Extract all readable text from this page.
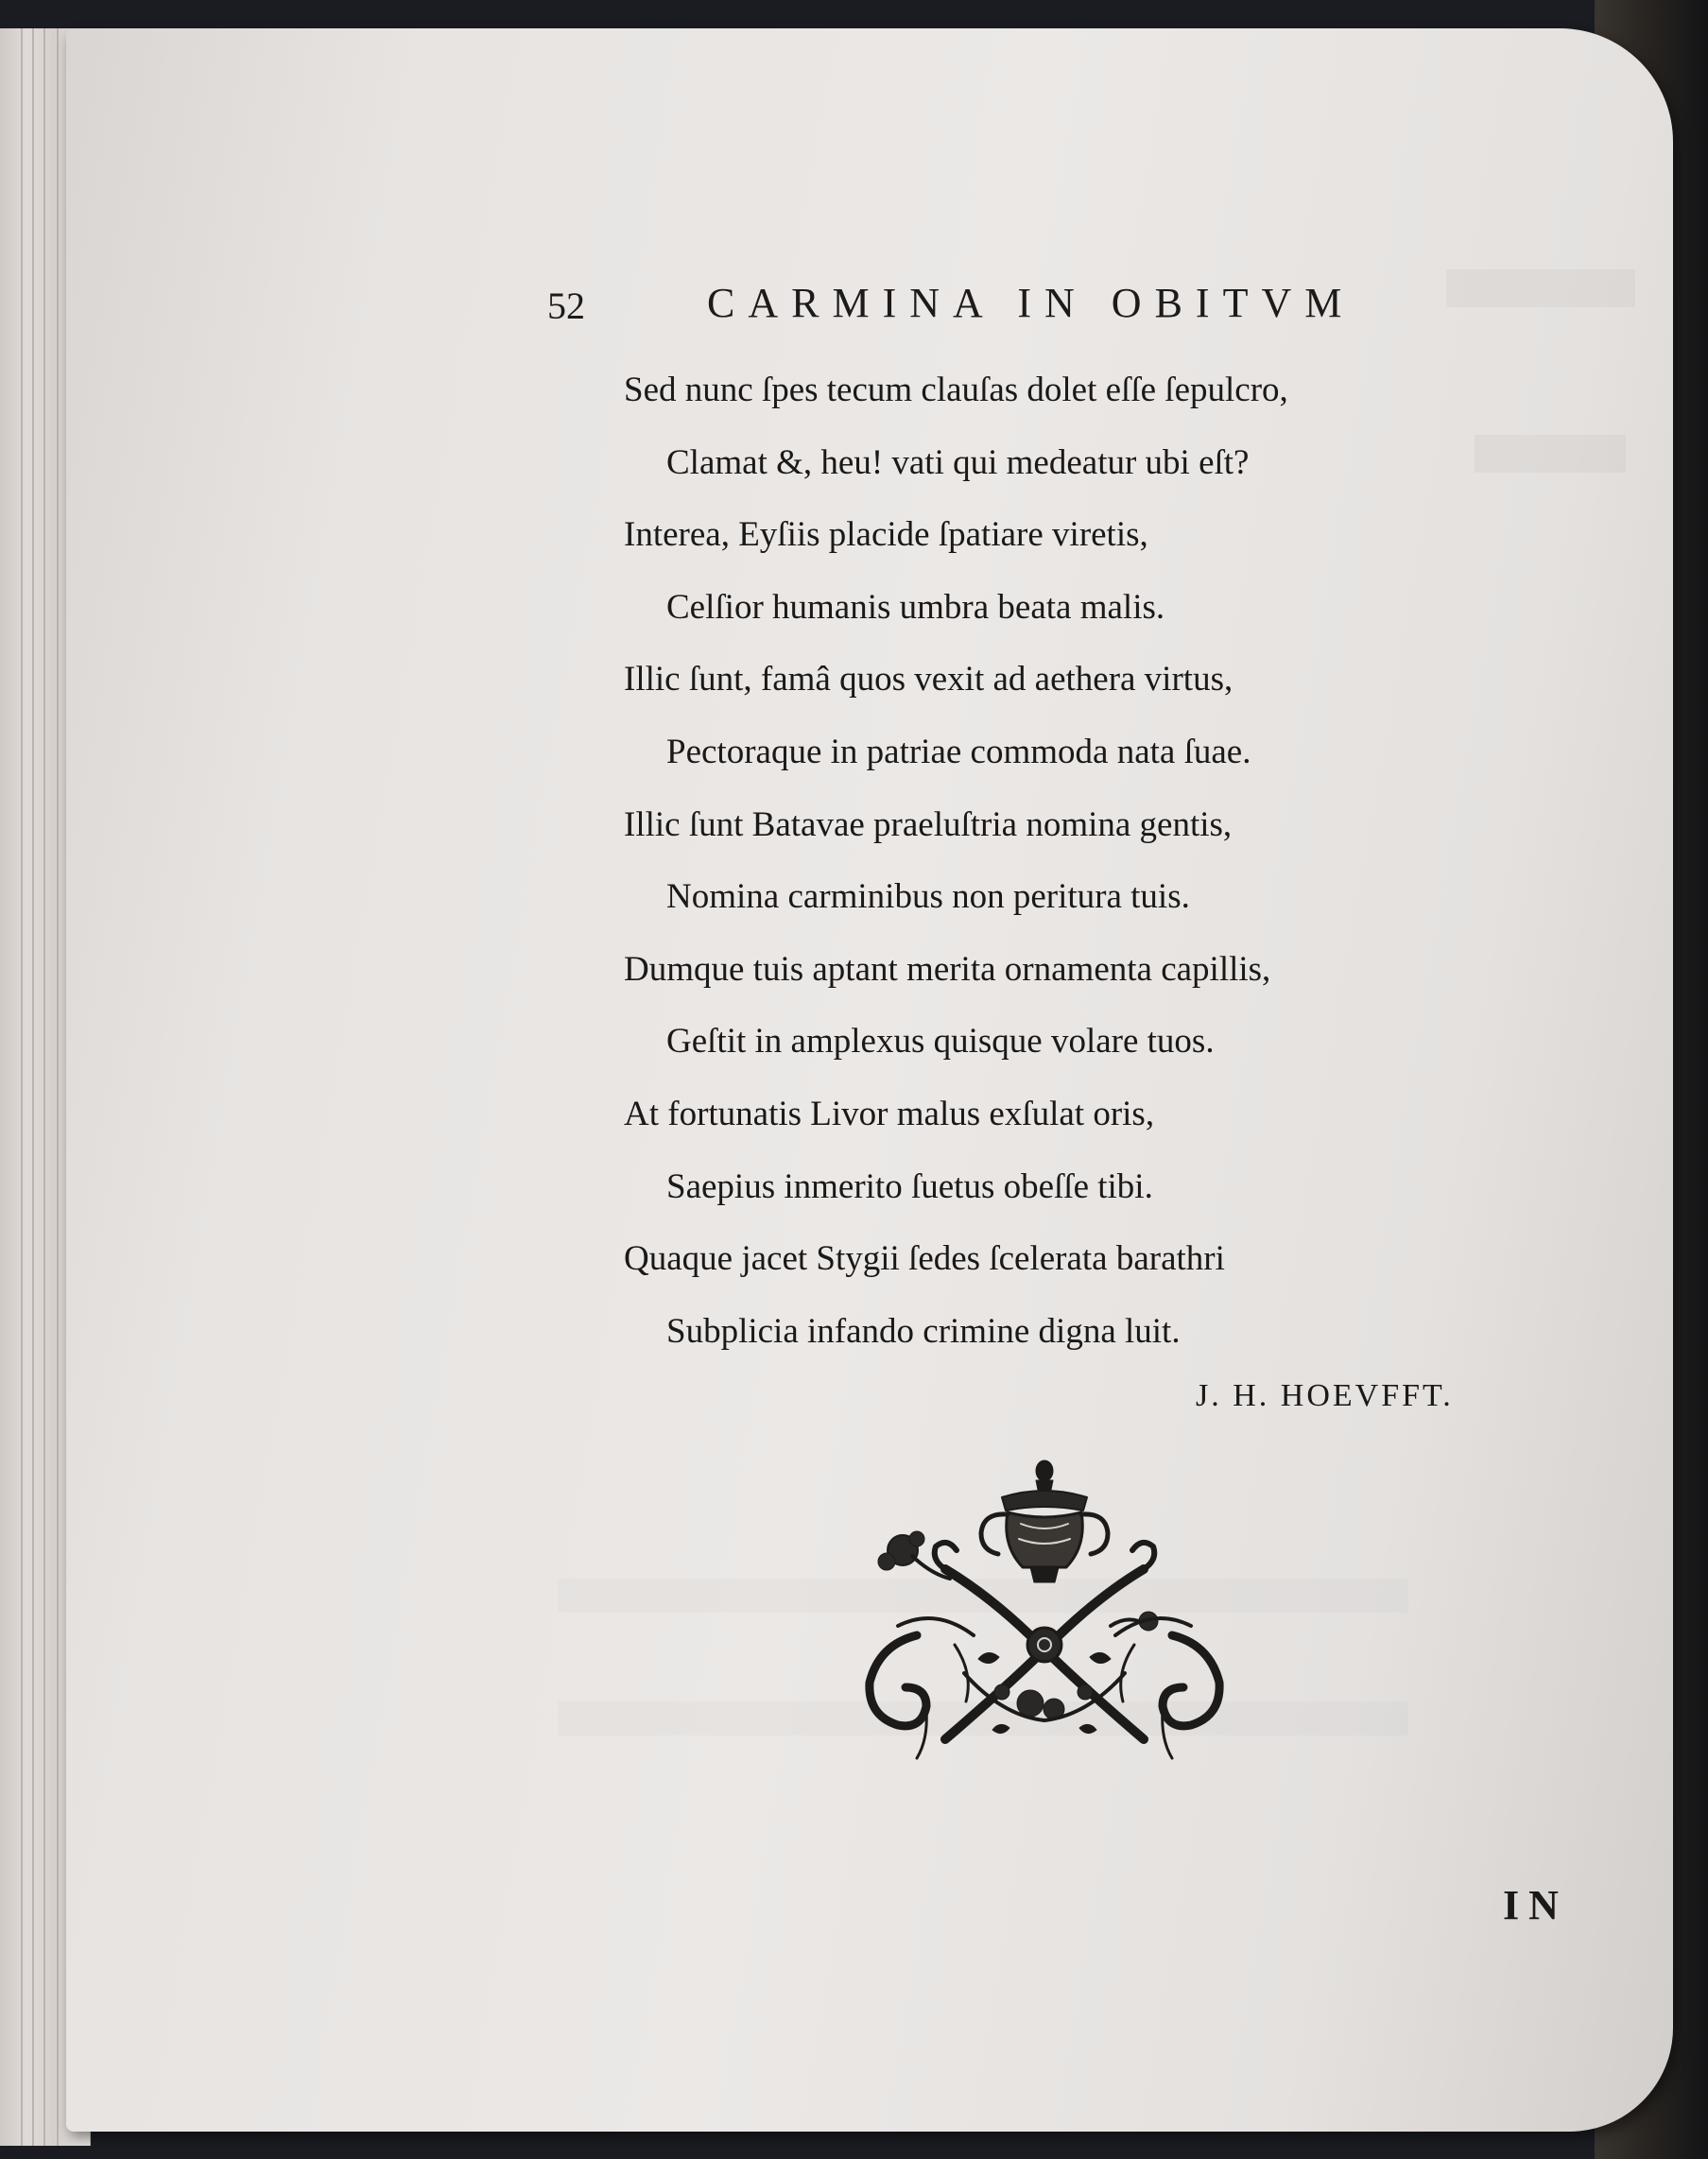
52	CARMINA IN OBITVM
Sed nunc ſpes tecum clauſas dolet eſſe ſepulcro,
Clamat &, heu! vati qui medeatur ubi eſt?
Interea, Eyſiis placide ſpatiare viretis,
Celſior humanis umbra beata malis.
Illic ſunt, famâ quos vexit ad aethera virtus,
Pectoraque in patriae commoda nata ſuae.
Illic ſunt Batavae praeluſtria nomina gentis,
Nomina carminibus non peritura tuis.
Dumque tuis aptant merita ornamenta capillis,
Geſtit in amplexus quisque volare tuos.
At fortunatis Livor malus exſulat oris,
Saepius inmerito ſuetus obeſſe tibi.
Quaque jacet Stygii ſedes ſcelerata barathri
Subplicia infando crimine digna luit.
J. H. HOEVFFT.
IN
